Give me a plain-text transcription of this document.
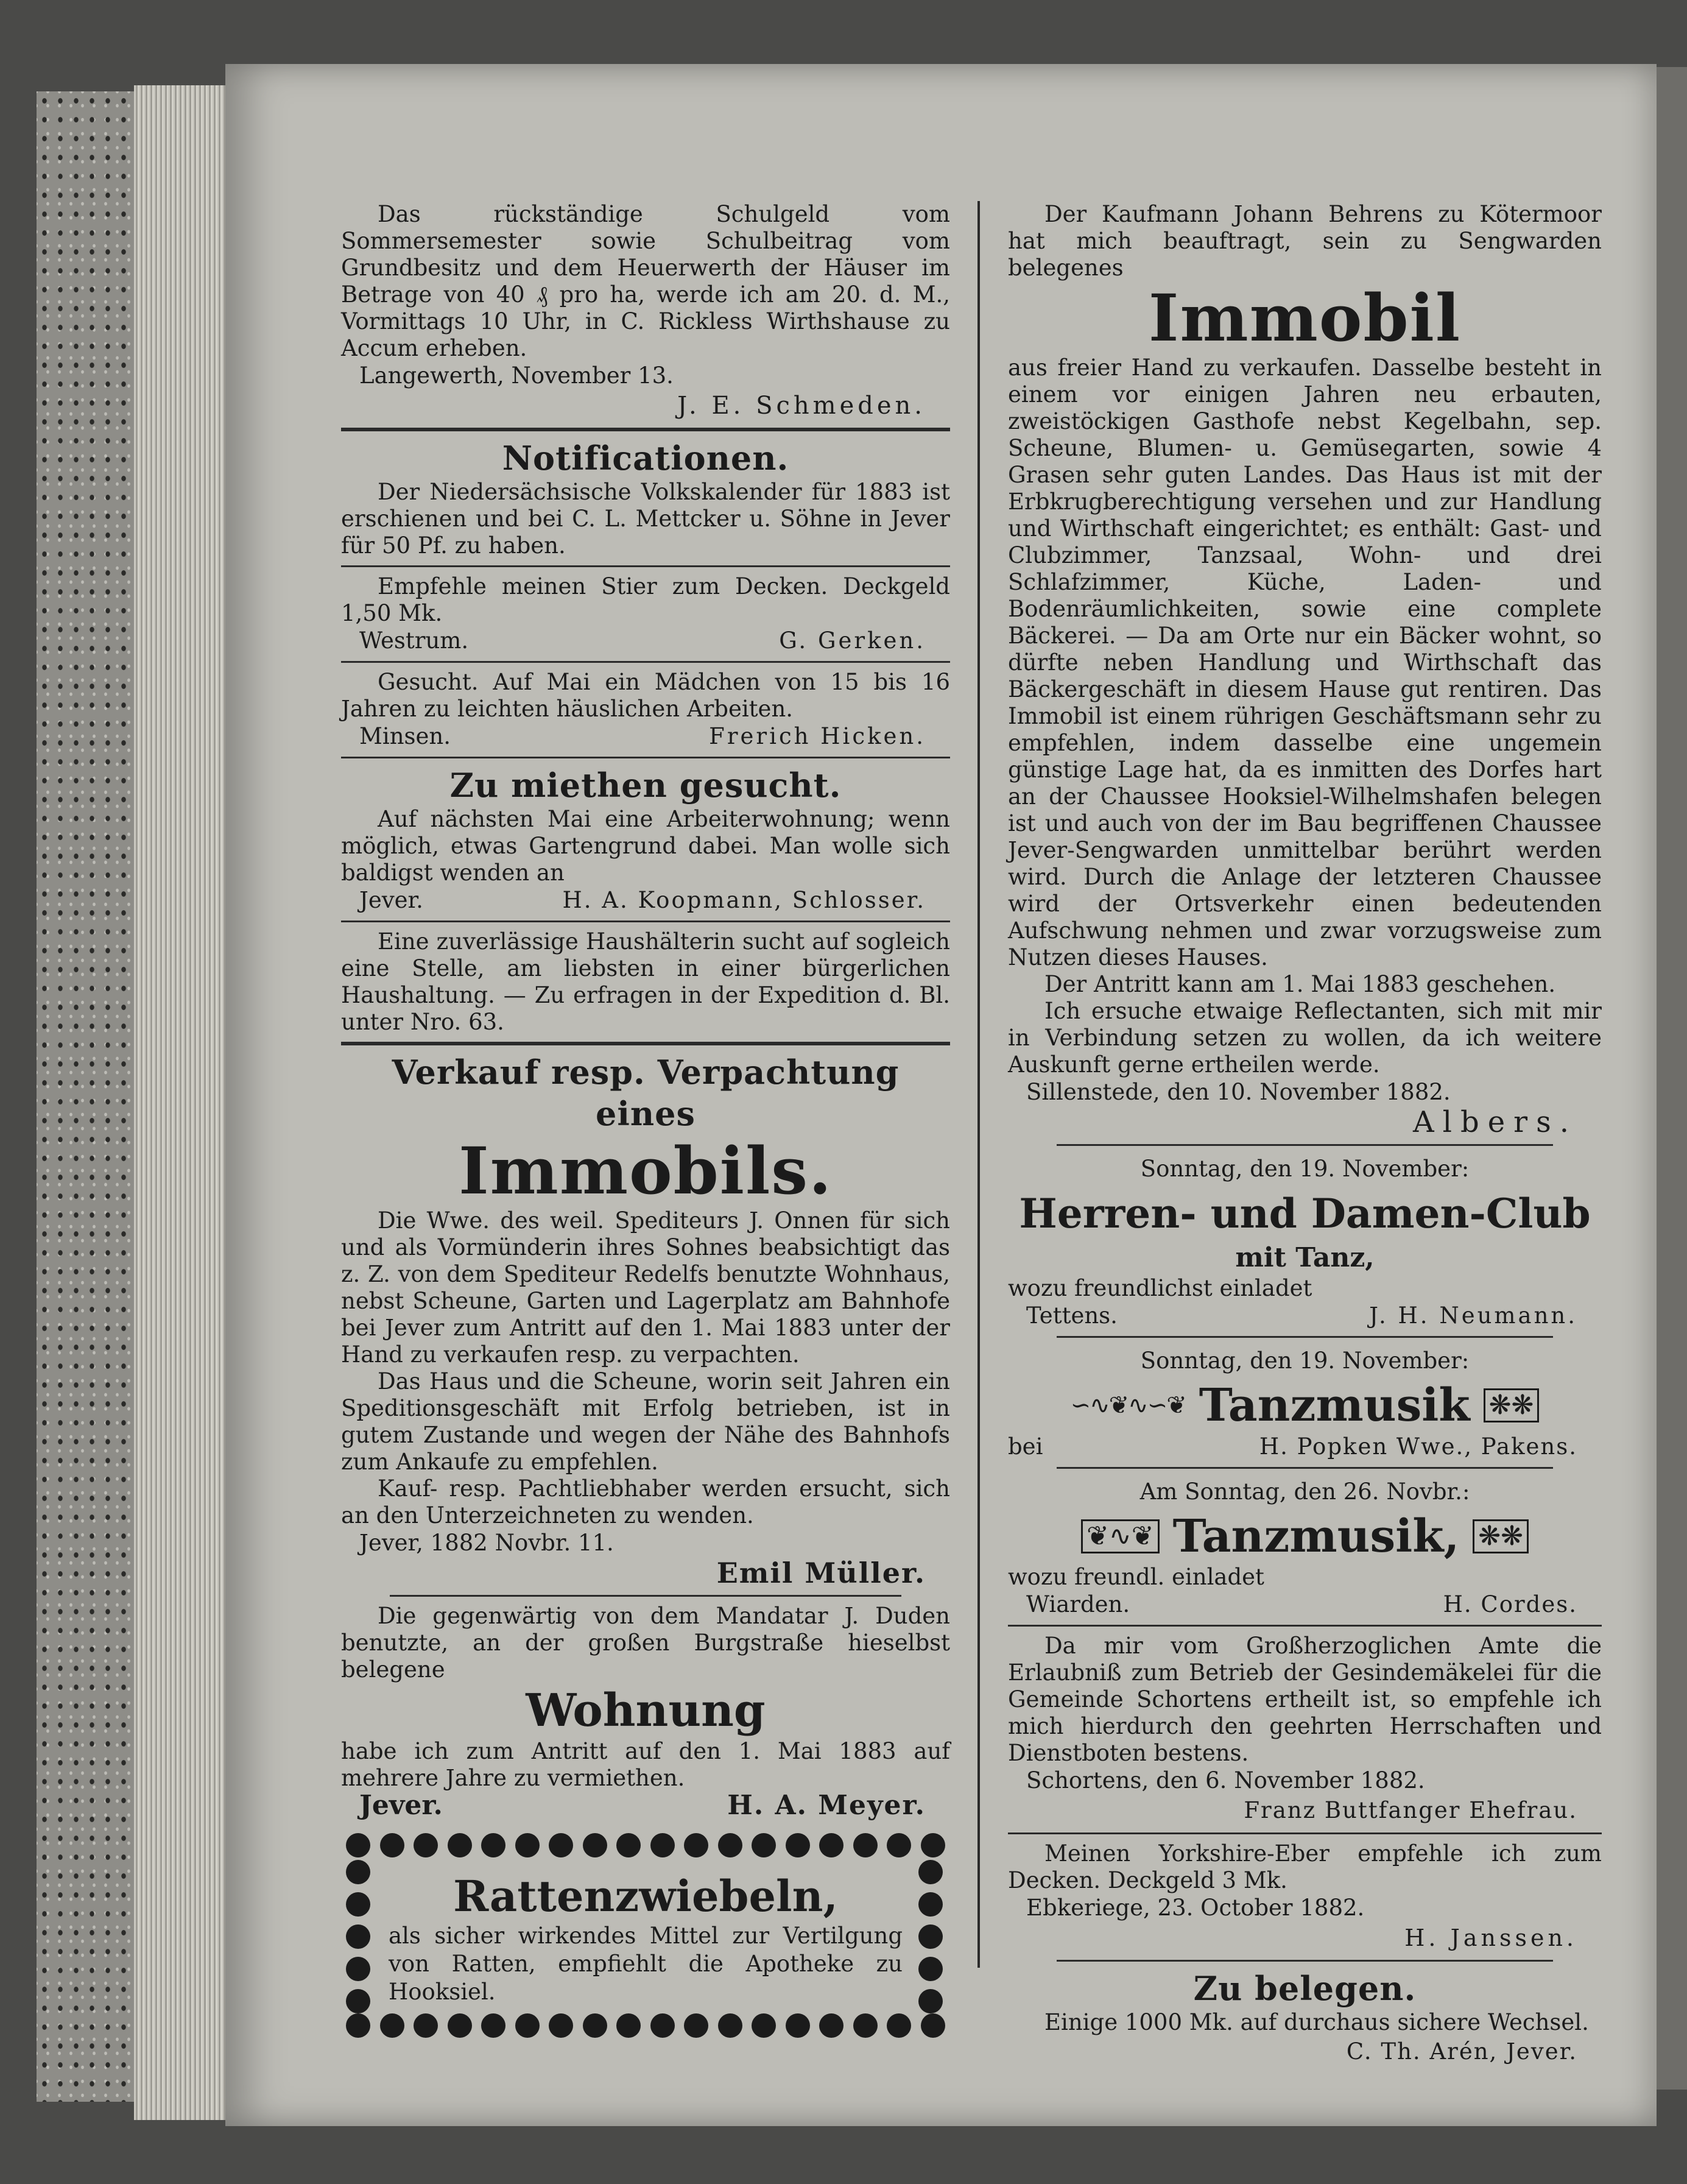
Das rückständige Schulgeld vom Sommersemester sowie Schulbeitrag vom Grundbesitz und dem Heuerwerth der Häuser im Betrage von 40 ₰ pro ha, werde ich am 20. d. M., Vormittags 10 Uhr, in C. Rickless Wirthshause zu Accum erheben.

Langewerth, November 13.
J. E. Schmeden.
Notificationen.

Der Niedersächsische Volkskalender für 1883 ist erschienen und bei C. L. Mettcker u. Söhne in Jever für 50 Pf. zu haben.

Empfehle meinen Stier zum Decken. Deckgeld 1,50 Mk.

Westrum.	G. Gerken.

Gesucht. Auf Mai ein Mädchen von 15 bis 16 Jahren zu leichten häuslichen Arbeiten.

Minsen.	Frerich Hicken.
Zu miethen gesucht.

Auf nächsten Mai eine Arbeiterwohnung; wenn möglich, etwas Gartengrund dabei. Man wolle sich baldigst wenden an

Jever.	H. A. Koopmann, Schlosser.

Eine zuverlässige Haushälterin sucht auf sogleich eine Stelle, am liebsten in einer bürgerlichen Haushaltung. — Zu erfragen in der Expedition d. Bl. unter Nro. 63.

Verkauf resp. Verpachtung eines
Immobils.

Die Wwe. des weil. Spediteurs J. Onnen für sich und als Vormünderin ihres Sohnes beabsichtigt das z. Z. von dem Spediteur Redelfs benutzte Wohnhaus, nebst Scheune, Garten und Lagerplatz am Bahnhofe bei Jever zum Antritt auf den 1. Mai 1883 unter der Hand zu verkaufen resp. zu verpachten.

Das Haus und die Scheune, worin seit Jahren ein Speditionsgeschäft mit Erfolg betrieben, ist in gutem Zustande und wegen der Nähe des Bahnhofs zum Ankaufe zu empfehlen.

Kauf- resp. Pachtliebhaber werden ersucht, sich an den Unterzeichneten zu wenden.

Jever, 1882 Novbr. 11.
Emil Müller.

Die gegenwärtig von dem Mandatar J. Duden benutzte, an der großen Burgstraße hieselbst belegene

Wohnung

habe ich zum Antritt auf den 1. Mai 1883 auf mehrere Jahre zu vermiethen.

Jever.	H. A. Meyer.
Rattenzwiebeln,

als sicher wirkendes Mittel zur Vertilgung von Ratten, empfiehlt die Apotheke zu Hooksiel.

Der Kaufmann Johann Behrens zu Kötermoor hat mich beauftragt, sein zu Sengwarden belegenes

Immobil

aus freier Hand zu verkaufen. Dasselbe besteht in einem vor einigen Jahren neu erbauten, zweistöckigen Gasthofe nebst Kegelbahn, sep. Scheune, Blumen- u. Gemüsegarten, sowie 4 Grasen sehr guten Landes. Das Haus ist mit der Erbkrugberechtigung versehen und zur Handlung und Wirthschaft eingerichtet; es enthält: Gast- und Clubzimmer, Tanzsaal, Wohn- und drei Schlafzimmer, Küche, Laden- und Bodenräumlichkeiten, sowie eine complete Bäckerei. — Da am Orte nur ein Bäcker wohnt, so dürfte neben Handlung und Wirthschaft das Bäckergeschäft in diesem Hause gut rentiren. Das Immobil ist einem rührigen Geschäftsmann sehr zu empfehlen, indem dasselbe eine ungemein günstige Lage hat, da es inmitten des Dorfes hart an der Chaussee Hooksiel-Wilhelmshafen belegen ist und auch von der im Bau begriffenen Chaussee Jever-Sengwarden unmittelbar berührt werden wird. Durch die Anlage der letzteren Chaussee wird der Ortsverkehr einen bedeutenden Aufschwung nehmen und zwar vorzugsweise zum Nutzen dieses Hauses.

Der Antritt kann am 1. Mai 1883 geschehen.

Ich ersuche etwaige Reflectanten, sich mit mir in Verbindung setzen zu wollen, da ich weitere Auskunft gerne ertheilen werde.

Sillenstede, den 10. November 1882.
Albers.
Sonntag, den 19. November:
Herren- und Damen-Club
mit Tanz,

wozu freundlichst einladet

Tettens.	J. H. Neumann.
Sonntag, den 19. November:
∽∿❦∿∽❦ Tanzmusik ❋❋
bei	H. Popken Wwe., Pakens.
Am Sonntag, den 26. Novbr.:
❦∿❦ Tanzmusik, ❋❋

wozu freundl. einladet

Wiarden.	H. Cordes.

Da mir vom Großherzoglichen Amte die Erlaubniß zum Betrieb der Gesindemäkelei für die Gemeinde Schortens ertheilt ist, so empfehle ich mich hierdurch den geehrten Herrschaften und Dienstboten bestens.

Schortens, den 6. November 1882.
Franz Buttfanger Ehefrau.

Meinen Yorkshire-Eber empfehle ich zum Decken. Deckgeld 3 Mk.

Ebkeriege, 23. October 1882.
H. Janssen.
Zu belegen.

Einige 1000 Mk. auf durchaus sichere Wechsel.

C. Th. Arén, Jever.
